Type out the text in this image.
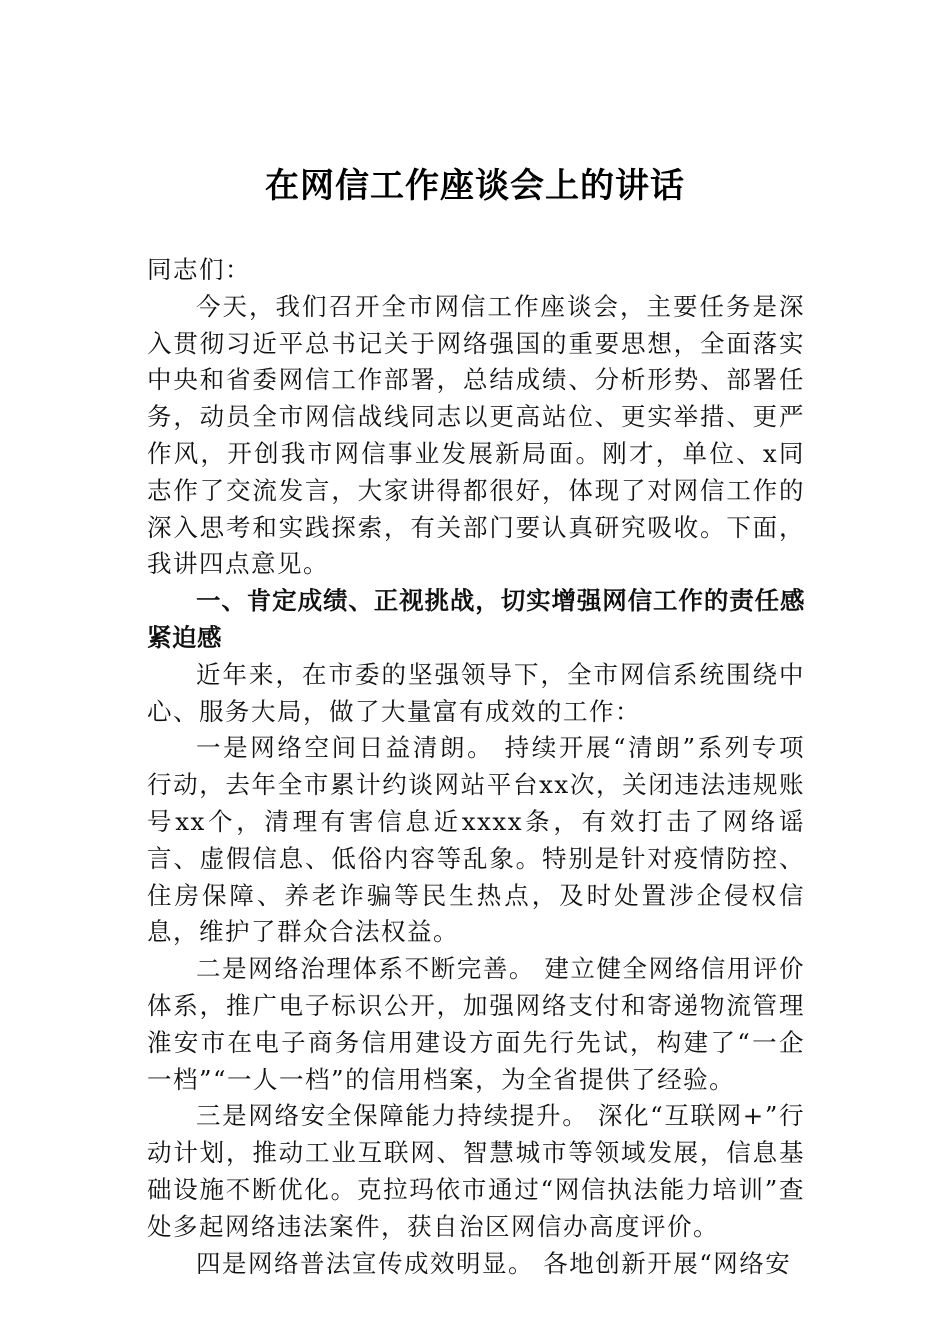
在网信工作座谈会上的讲话

同志们：

今天，我们召开全市网信工作座谈会，主要任务是深入贯彻习近平总书记关于网络强国的重要思想，全面落实中央和省委网信工作部署，总结成绩、分析形势、部署任务，动员全市网信战线同志以更高站位、更实举措、更严作风，开创我市网信事业发展新局面。刚才，单位、x同志作了交流发言，大家讲得都很好，体现了对网信工作的深入思考和实践探索，有关部门要认真研究吸收。下面，我讲四点意见。

一、肯定成绩、正视挑战，切实增强网信工作的责任感紧迫感

近年来，在市委的坚强领导下，全市网信系统围绕中心、服务大局，做了大量富有成效的工作：

一是网络空间日益清朗。 持续开展“清朗”系列专项行动，去年全市累计约谈网站平台xx次，关闭违法违规账号xx个，清理有害信息近xxxx条，有效打击了网络谣言、虚假信息、低俗内容等乱象。特别是针对疫情防控、住房保障、养老诈骗等民生热点，及时处置涉企侵权信息，维护了群众合法权益。

二是网络治理体系不断完善。 建立健全网络信用评价体系，推广电子标识公开，加强网络支付和寄递物流管理淮安市在电子商务信用建设方面先行先试，构建了“一企一档”“一人一档”的信用档案，为全省提供了经验。

三是网络安全保障能力持续提升。 深化“互联网+”行动计划，推动工业互联网、智慧城市等领域发展，信息基础设施不断优化。克拉玛依市通过“网信执法能力培训”查处多起网络违法案件，获自治区网信办高度评价。

四是网络普法宣传成效明显。 各地创新开展“网络安
